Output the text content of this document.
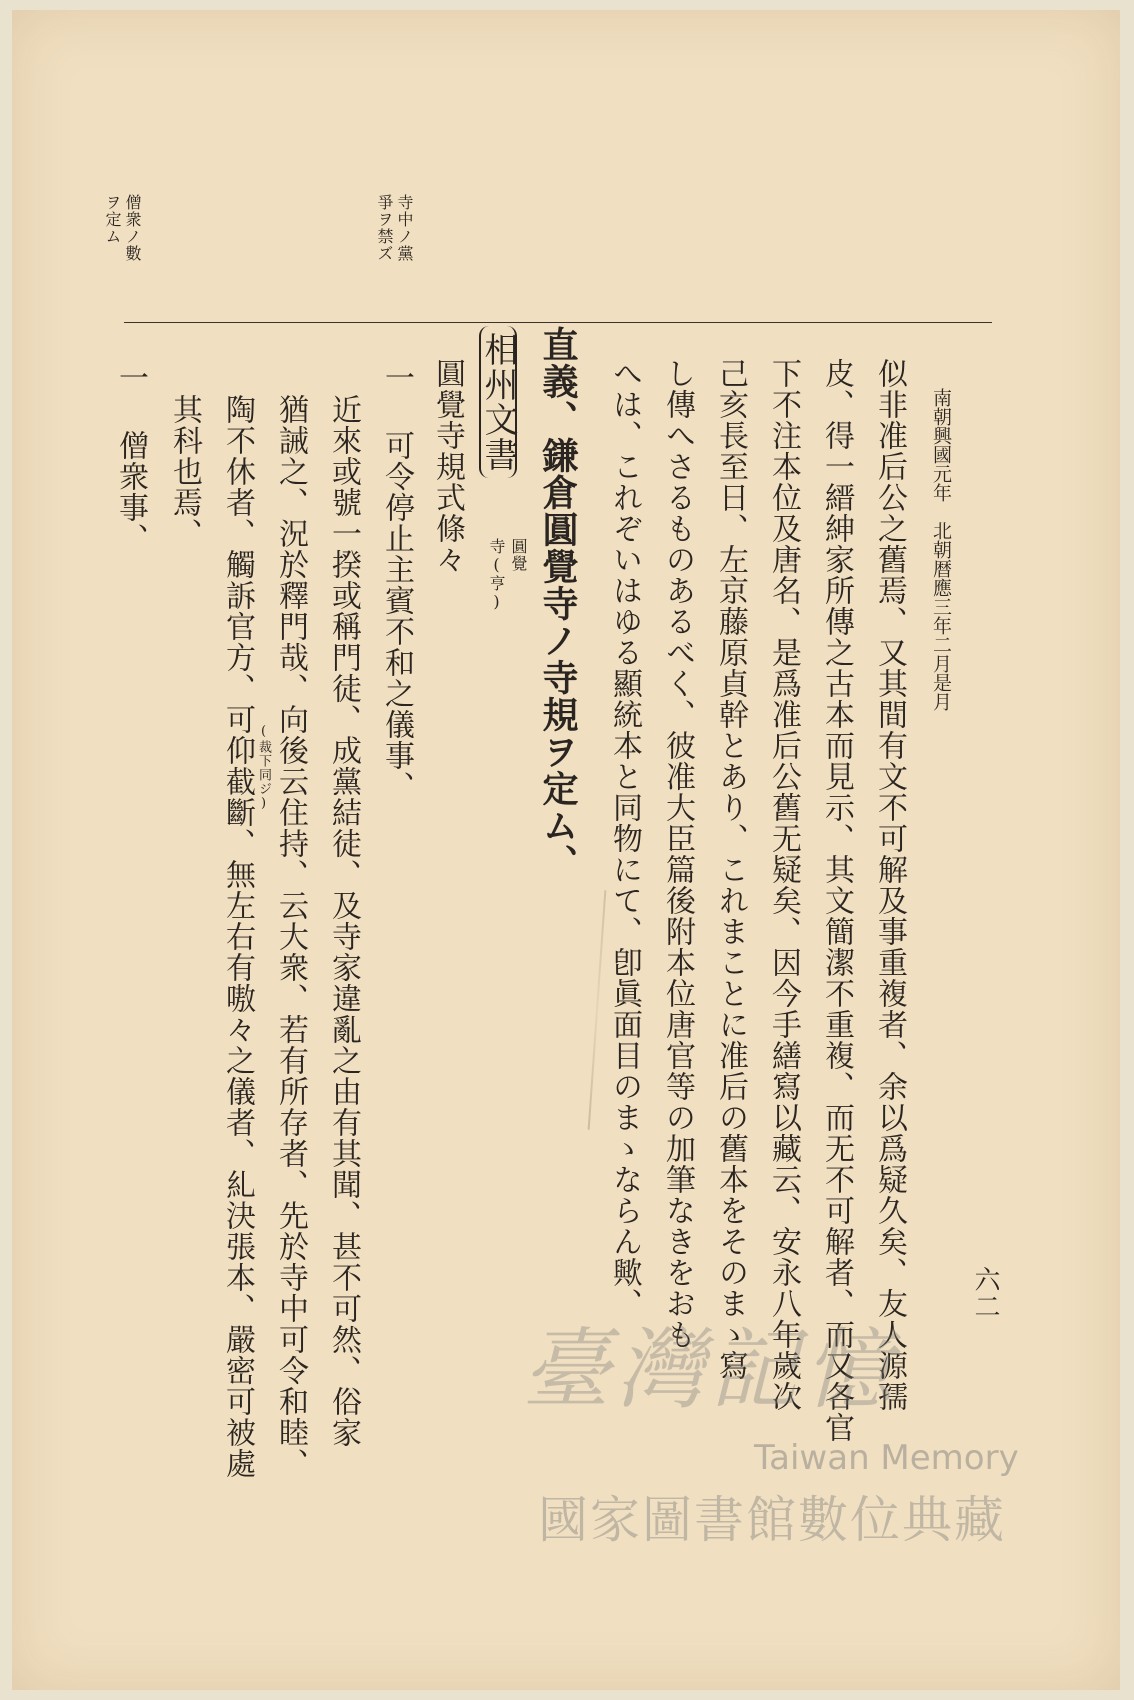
南朝興國元年　北朝暦應三年二月是月
六二
寺中ノ黨
爭ヲ禁ズ
僧衆ノ數
ヲ定ム
似非准后公之舊焉、又其間有文不可解及事重複者、余以爲疑久矣、友人源孺
皮、得一縉紳家所傳之古本而見示、其文簡潔不重複、而无不可解者、而又各官
下不注本位及唐名、是爲准后公舊无疑矣、因今手繕寫以藏云、安永八年歲次
己亥長至日、左京藤原貞幹とあり、これまことに准后の舊本をそのまゝ寫
し傳へさるものあるべく、彼准大臣篇後附本位唐官等の加筆なきをおも
へは、これぞいはゆる顯統本と同物にて、卽眞面目のまゝならん歟、
直義、鎌倉圓覺寺ノ寺規ヲ定ム、
相州文書
圓覺
寺(亨)
圓覺寺規式條々
一
可令停止主賓不和之儀事、
近來或號一揆或稱門徒、成黨結徒、及寺家違亂之由有其聞、甚不可然、俗家
猶誡之、況於釋門哉、向後云住持、云大衆、若有所存者、先於寺中可令和睦、
(裁下同ジ)
陶不休者、觸訴官方、可仰截斷、無左右有嗷々之儀者、糺決張本、嚴密可被處
其科也焉、
一
僧衆事、
臺灣記憶
Taiwan Memory
國家圖書館數位典藏
